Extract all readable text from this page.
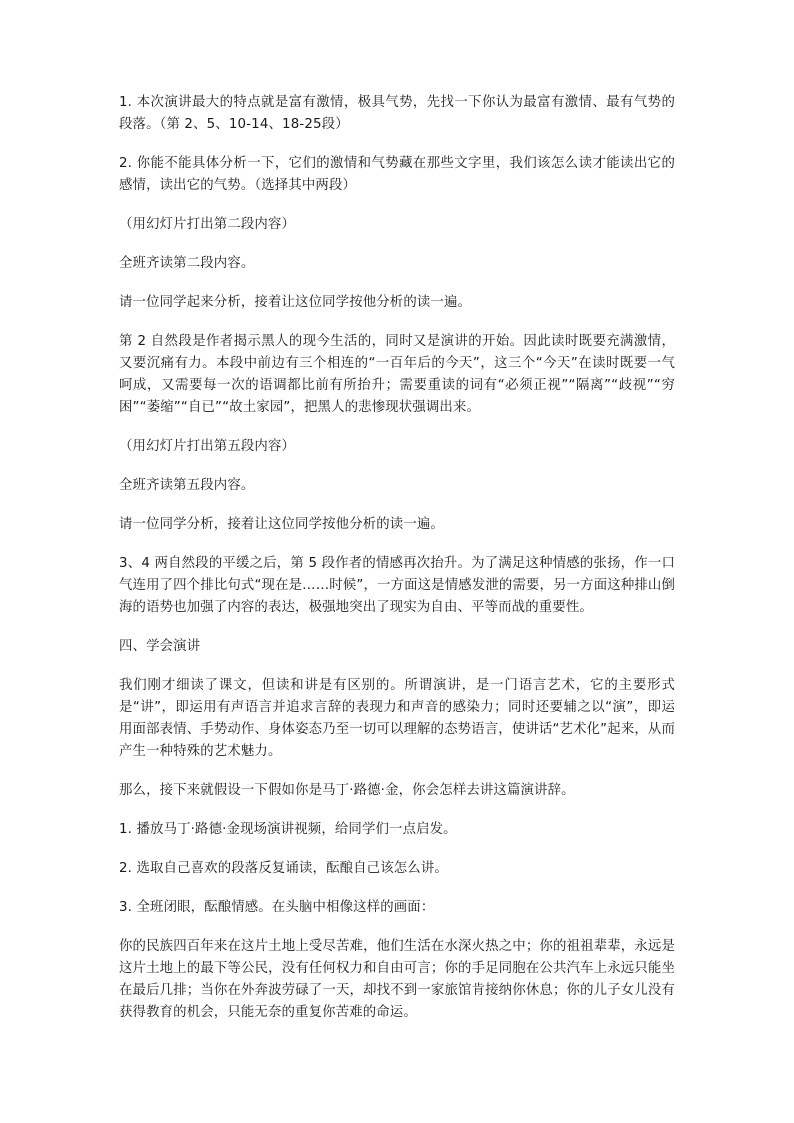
1. 本次演讲最大的特点就是富有激情，极具气势，先找一下你认为最富有激情、最有气势的段落。（第 2、5、10-14、18-25段）

2. 你能不能具体分析一下，它们的激情和气势藏在那些文字里，我们该怎么读才能读出它的感情，读出它的气势。（选择其中两段）

（用幻灯片打出第二段内容）

全班齐读第二段内容。

请一位同学起来分析，接着让这位同学按他分析的读一遍。

第 2 自然段是作者揭示黑人的现今生活的，同时又是演讲的开始。因此读时既要充满激情，又要沉痛有力。本段中前边有三个相连的“一百年后的今天”，这三个“今天”在读时既要一气呵成，又需要每一次的语调都比前有所抬升；需要重读的词有“必须正视”“隔离”“歧视”“穷困”“萎缩”“自已”“故土家园”，把黑人的悲惨现状强调出来。

（用幻灯片打出第五段内容）

全班齐读第五段内容。

请一位同学分析，接着让这位同学按他分析的读一遍。

3、4 两自然段的平缓之后，第 5 段作者的情感再次抬升。为了满足这种情感的张扬，作一口气连用了四个排比句式“现在是……时候”，一方面这是情感发泄的需要，另一方面这种排山倒海的语势也加强了内容的表达，极强地突出了现实为自由、平等而战的重要性。

四、学会演讲

我们刚才细读了课文，但读和讲是有区别的。所谓演讲，是一门语言艺术，它的主要形式是“讲”，即运用有声语言并追求言辞的表现力和声音的感染力；同时还要辅之以“演”，即运用面部表情、手势动作、身体姿态乃至一切可以理解的态势语言，使讲话“艺术化”起来，从而产生一种特殊的艺术魅力。

那么，接下来就假设一下假如你是马丁·路德·金，你会怎样去讲这篇演讲辞。

1. 播放马丁·路德·金现场演讲视频，给同学们一点启发。

2. 选取自己喜欢的段落反复诵读，酝酿自己该怎么讲。

3. 全班闭眼，酝酿情感。在头脑中相像这样的画面：

你的民族四百年来在这片土地上受尽苦难，他们生活在水深火热之中；你的祖祖辈辈，永远是这片土地上的最下等公民，没有任何权力和自由可言；你的手足同胞在公共汽车上永远只能坐在最后几排；当你在外奔波劳碌了一天，却找不到一家旅馆肯接纳你休息；你的儿子女儿没有获得教育的机会，只能无奈的重复你苦难的命运。
